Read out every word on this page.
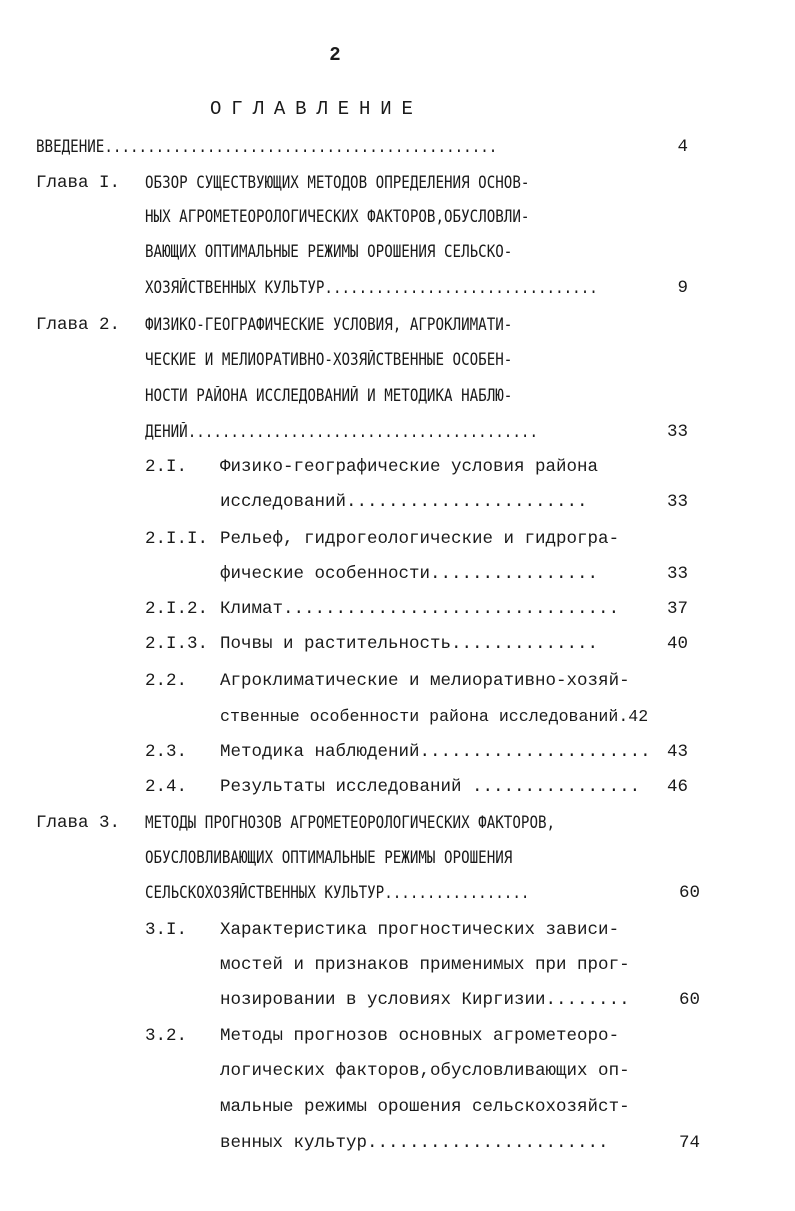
2
ОГЛАВЛЕНИЕ
ВВЕДЕНИЕ..............................................	4
Глава I. ОБЗОР СУЩЕСТВУЮЩИХ МЕТОДОВ ОПРЕДЕЛЕНИЯ ОСНОВ-
НЫХ АГРОМЕТЕОРОЛОГИЧЕСКИХ ФАКТОРОВ,ОБУСЛОВЛИ-
ВАЮЩИХ ОПТИМАЛЬНЫЕ РЕЖИМЫ ОРОШЕНИЯ СЕЛЬСКО-
ХОЗЯЙСТВЕННЫХ КУЛЬТУР................................	9
Глава 2. ФИЗИКО-ГЕОГРАФИЧЕСКИЕ УСЛОВИЯ, АГРОКЛИМАТИ-
ЧЕСКИЕ И МЕЛИОРАТИВНО-ХОЗЯЙСТВЕННЫЕ ОСОБЕН-
НОСТИ РАЙОНА ИССЛЕДОВАНИЙ И МЕТОДИКА НАБЛЮ-
ДЕНИЙ.........................................	33
2.I. Физико-географические условия района
исследований.......................	33
2.I.I. Рельеф, гидрогеологические и гидрогра-
фические особенности................	33
2.I.2. Климат................................	37
2.I.3. Почвы и растительность..............	40
2.2. Агроклиматические и мелиоративно-хозяй-
ственные особенности района исследований.42
2.3. Методика наблюдений...................... 43
2.4. Результаты исследований ................	46
Глава 3. МЕТОДЫ ПРОГНОЗОВ АГРОМЕТЕОРОЛОГИЧЕСКИХ ФАКТОРОВ,
ОБУСЛОВЛИВАЮЩИХ ОПТИМАЛЬНЫЕ РЕЖИМЫ ОРОШЕНИЯ
СЕЛЬСКОХОЗЯЙСТВЕННЫХ КУЛЬТУР.................	60
3.I. Характеристика прогностических зависи-
мостей и признаков применимых при прог-
нозировании в условиях Киргизии........	60
3.2. Методы прогнозов основных агрометеоро-
логических факторов,обусловливающих оп-
мальные режимы орошения сельскохозяйст-
венных культур.......................	74
